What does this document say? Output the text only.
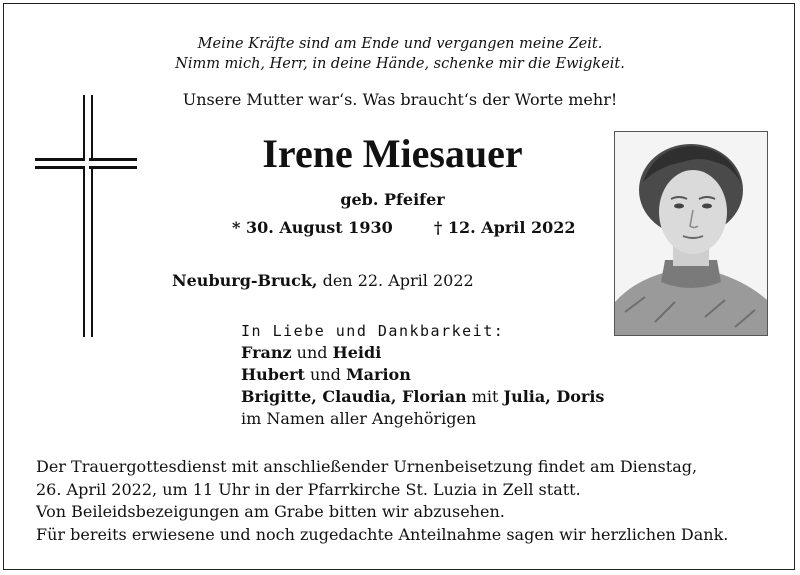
Meine Kräfte sind am Ende und vergangen meine Zeit.
Nimm mich, Herr, in deine Hände, schenke mir die Ewigkeit.
Unsere Mutter war‘s. Was braucht‘s der Worte mehr!
Irene Miesauer
geb. Pfeifer
* 30. August 1930	† 12. April 2022
Neuburg-Bruck, den 22. April 2022
In Liebe und Dankbarkeit:
Franz und Heidi
Hubert und Marion
Brigitte, Claudia, Florian mit Julia, Doris
im Namen aller Angehörigen
Der Trauergottesdienst mit anschließender Urnenbeisetzung findet am Dienstag,
26. April 2022, um 11 Uhr in der Pfarrkirche St. Luzia in Zell statt.
Von Beileidsbezeigungen am Grabe bitten wir abzusehen.
Für bereits erwiesene und noch zugedachte Anteilnahme sagen wir herzlichen Dank.
